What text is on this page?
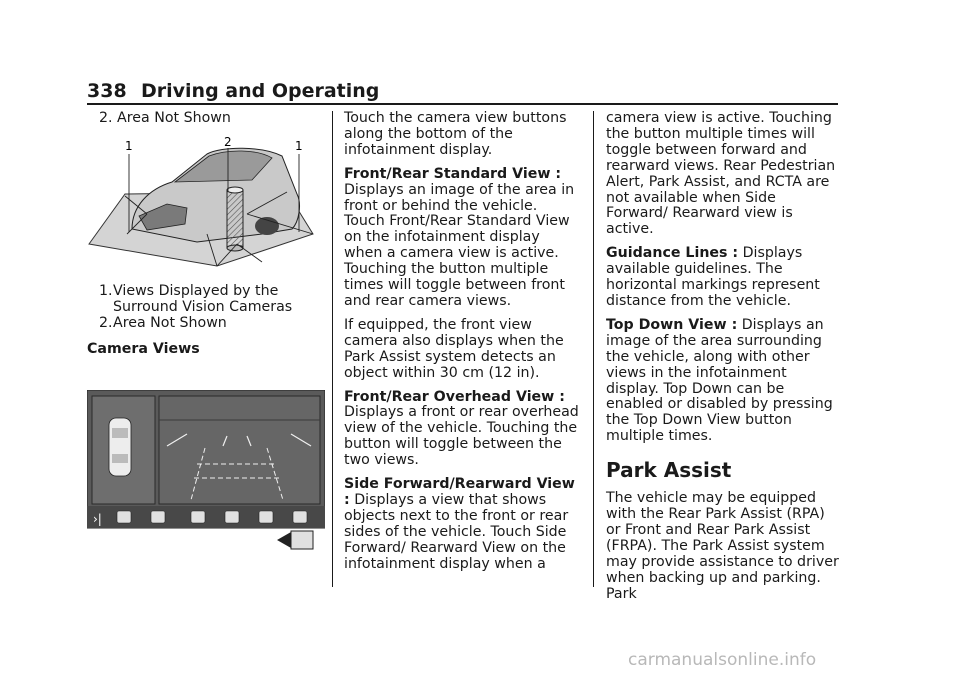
338 Driving and Operating
2. Area Not Shown
1	2	1
1. Views Displayed by the Surround Vision Cameras
2. Area Not Shown

Camera Views

›|

Touch the camera view buttons along the bottom of the infotainment display.

Front/Rear Standard View : Displays an image of the area in front or behind the vehicle. Touch Front/Rear Standard View on the infotainment display when a camera view is active. Touching the button multiple times will toggle between front and rear camera views.

If equipped, the front view camera also displays when the Park Assist system detects an object within 30 cm (12 in).

Front/Rear Overhead View : Displays a front or rear overhead view of the vehicle. Touching the button will toggle between the two views.

Side Forward/Rearward View : Displays a view that shows objects next to the front or rear sides of the vehicle. Touch Side Forward/ Rearward View on the infotainment display when a

camera view is active. Touching the button multiple times will toggle between forward and rearward views. Rear Pedestrian Alert, Park Assist, and RCTA are not available when Side Forward/ Rearward view is active.

Guidance Lines : Displays available guidelines. The horizontal markings represent distance from the vehicle.

Top Down View : Displays an image of the area surrounding the vehicle, along with other views in the infotainment display. Top Down can be enabled or disabled by pressing the Top Down View button multiple times.

Park Assist

The vehicle may be equipped with the Rear Park Assist (RPA) or Front and Rear Park Assist (FRPA). The Park Assist system may provide assistance to driver when backing up and parking. Park

carmanualsonline.info
